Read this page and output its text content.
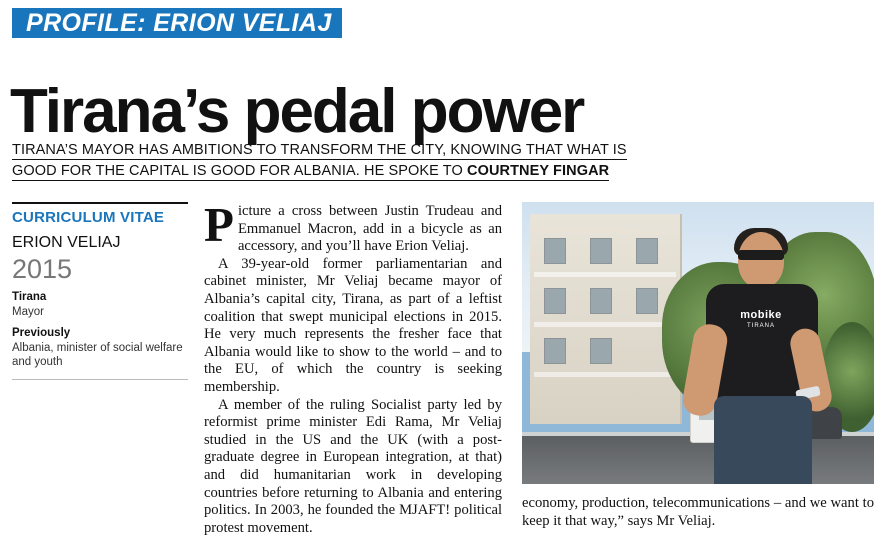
PROFILE: ERION VELIAJ
Tirana’s pedal power
TIRANA’S MAYOR HAS AMBITIONS TO TRANSFORM THE CITY, KNOWING THAT WHAT IS
GOOD FOR THE CAPITAL IS GOOD FOR ALBANIA. HE SPOKE TO COURTNEY FINGAR
CURRICULUM VITAE
ERION VELIAJ
2015
Tirana
Mayor
Previously
Albania, minister of social welfare and youth

Picture a cross between Justin Trudeau and Emmanuel Macron, add in a bicycle as an accessory, and you’ll have Erion Veliaj.

A 39-year-old former parliamentarian and cabinet minister, Mr Veliaj became mayor of Albania’s capital city, Tirana, as part of a leftist coalition that swept municipal elections in 2015. He very much represents the fresher face that Albania would like to show to the world – and to the EU, of which the country is seeking membership.

A member of the ruling Socialist party led by reformist prime minister Edi Rama, Mr Veliaj studied in the US and the UK (with a post-graduate degree in European integration, at that) and did humanitarian work in developing countries before returning to Albania and entering politics. In 2003, he founded the MJAFT! political protest movement.

mobike
TIRANA

economy, production, telecommunications – and we want to keep it that way,” says Mr Veliaj.
